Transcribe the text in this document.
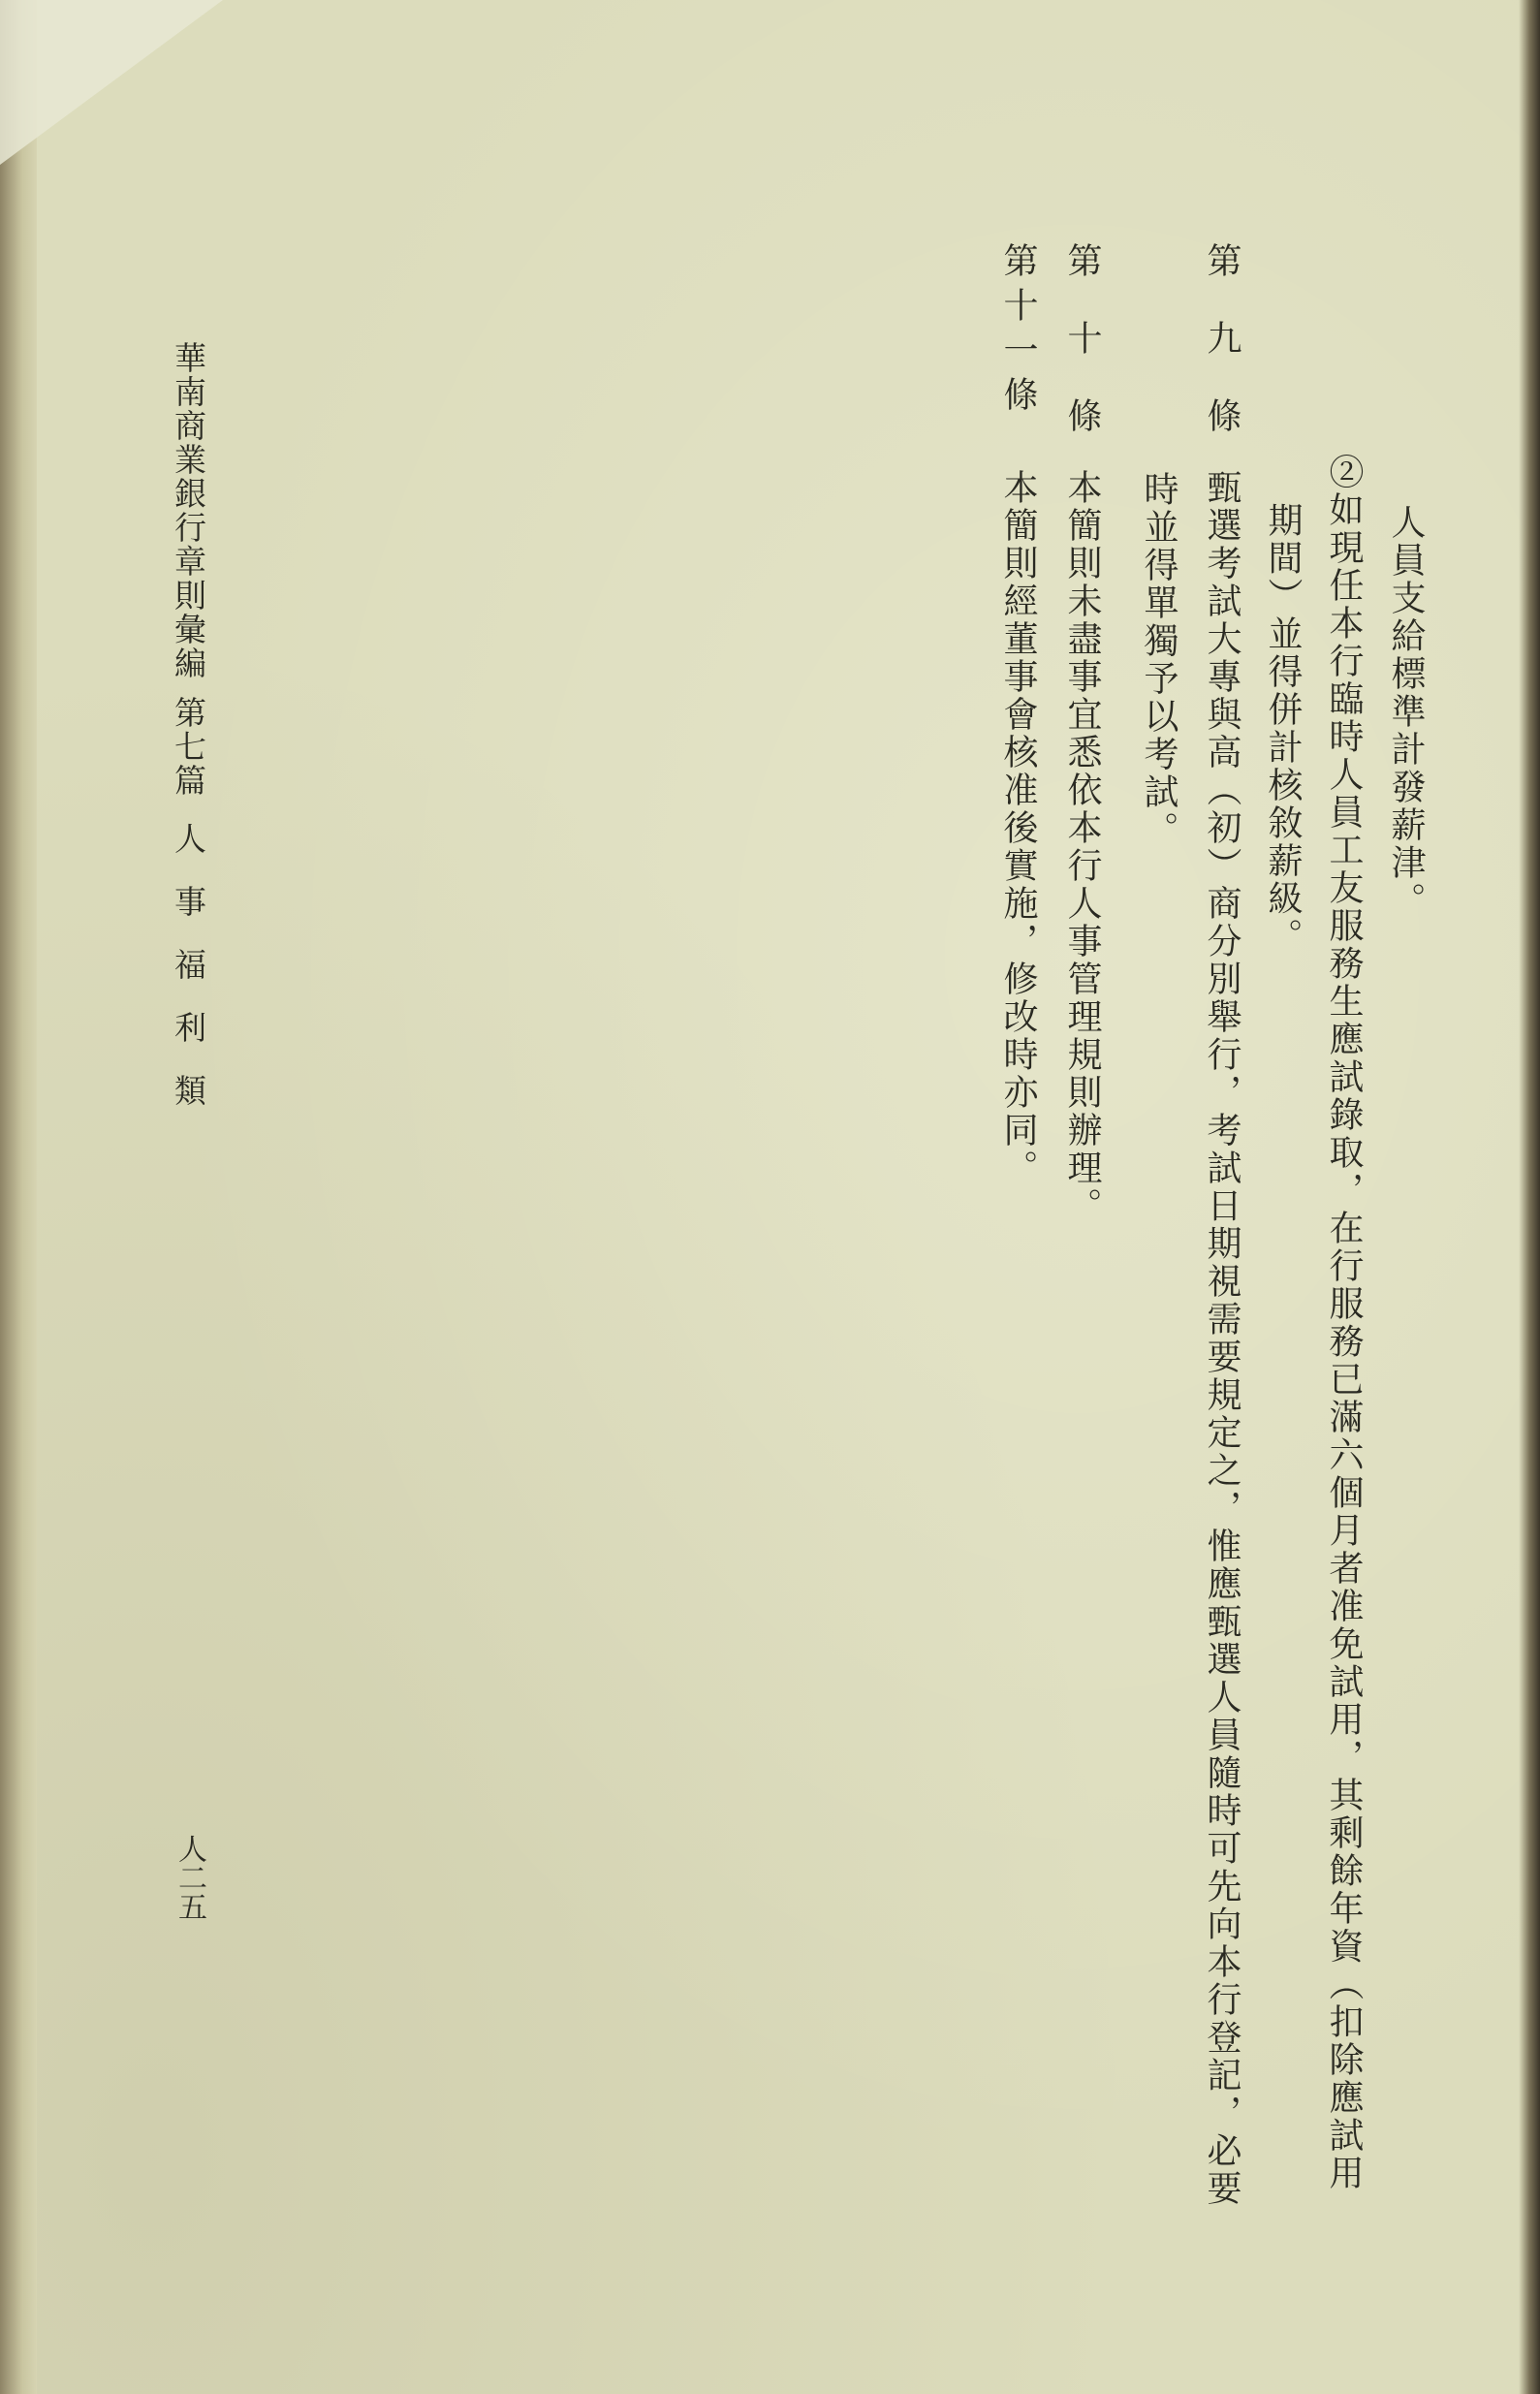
人員支給標準計發薪津。
②如現任本行臨時人員工友服務生應試錄取，在行服務已滿六個月者准免試用，其剩餘年資（扣除應試用
期間）並得併計核敘薪級。
第九條
甄選考試大專與高（初）商分別舉行，考試日期視需要規定之，惟應甄選人員隨時可先向本行登記，必要
時並得單獨予以考試。
第十條
本簡則未盡事宜悉依本行人事管理規則辦理。
第十一條
本簡則經董事會核准後實施，修改時亦同。
華南商業銀行章則彙編
第七篇
人事福利類
人二五
